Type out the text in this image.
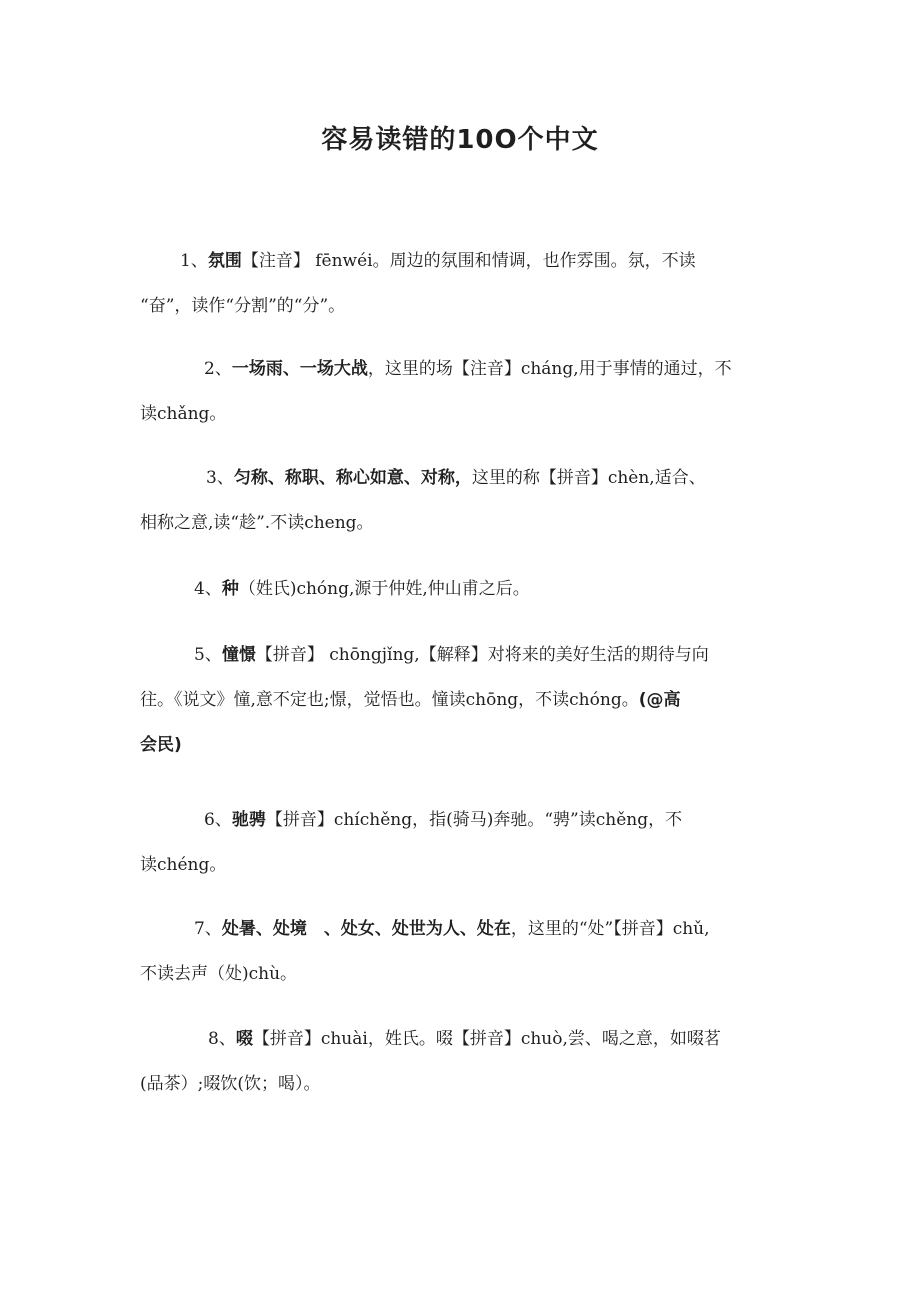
容易读错的10O个中文
1、氛围【注音】 fēnwéi。周边的氛围和情调，也作雰围。氛，不读
“奋”，读作“分割”的“分”。
2、一场雨、一场大战，这里的场【注音】cháng,用于事情的通过，不
读chǎng。
3、匀称、称职、称心如意、对称，这里的称【拼音】chèn,适合、
相称之意,读“趁”.不读cheng。
4、种（姓氏)chóng,源于仲姓,仲山甫之后。
5、憧憬【拼音】 chōngjǐng,【解释】对将来的美好生活的期待与向
往。《说文》憧,意不定也;憬，觉悟也。憧读chōng，不读chóng。(@高
会民)
6、驰骋【拼音】chíchěng，指(骑马)奔驰。“骋”读chěng，不
读chéng。
7、处暑、处境　、处女、处世为人、处在，这里的“处”【拼音】chǔ,
不读去声（处)chù。
8、啜【拼音】chuài，姓氏。啜【拼音】chuò,尝、喝之意，如啜茗
(品茶）;啜饮(饮；喝）。
